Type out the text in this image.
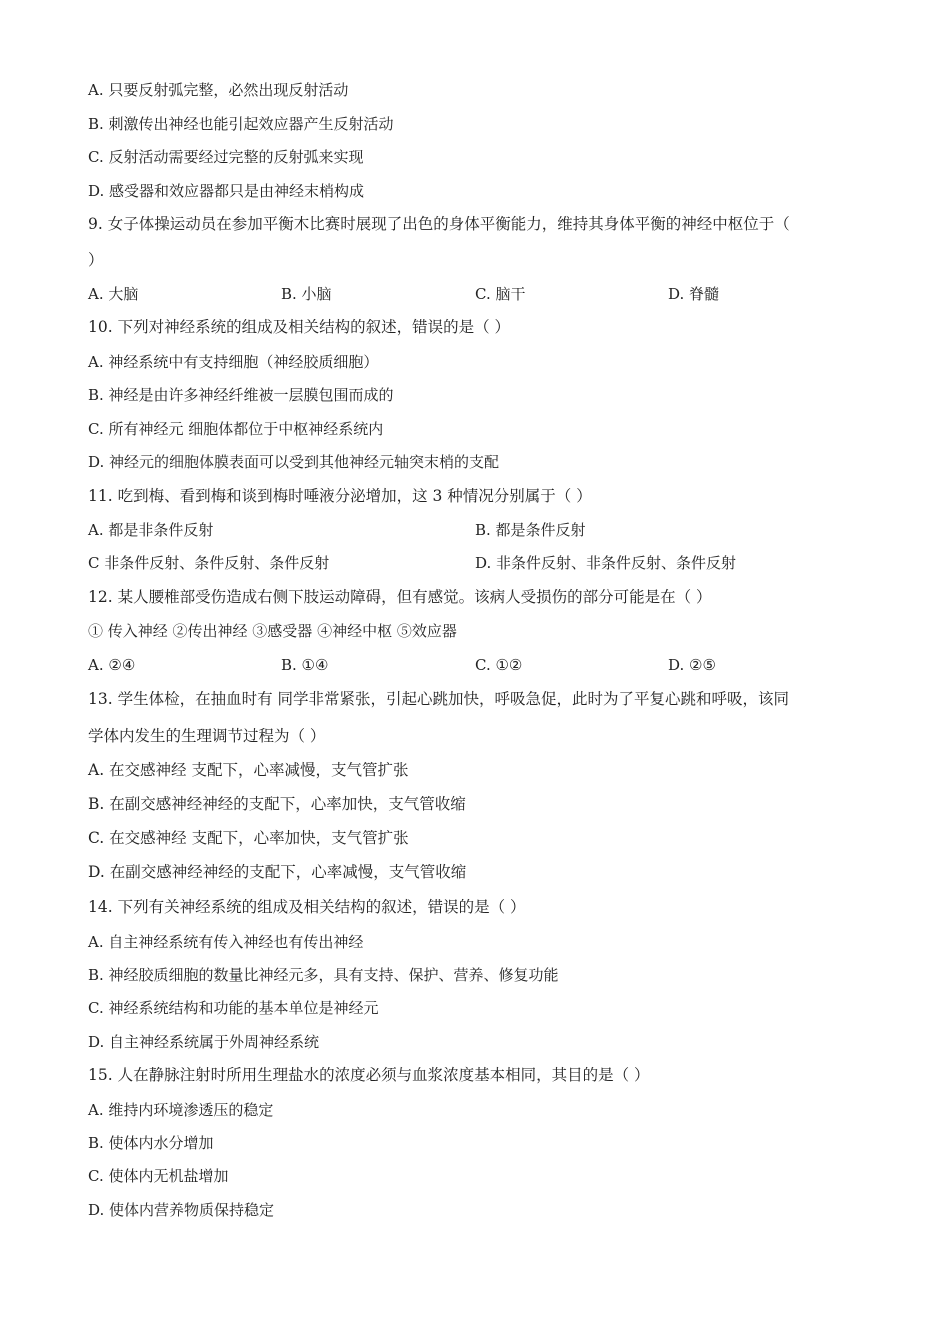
A. 只要反射弧完整，必然出现反射活动
B. 刺激传出神经也能引起效应器产生反射活动
C. 反射活动需要经过完整的反射弧来实现
D. 感受器和效应器都只是由神经末梢构成
9. 女子体操运动员在参加平衡木比赛时展现了出色的身体平衡能力，维持其身体平衡的神经中枢位于（
）
A. 大脑	B. 小脑	C. 脑干	D. 脊髓
10. 下列对神经系统的组成及相关结构的叙述，错误的是（ ）
A. 神经系统中有支持细胞（神经胶质细胞）
B. 神经是由许多神经纤维被一层膜包围而成的
C. 所有神经元 细胞体都位于中枢神经系统内
D. 神经元的细胞体膜表面可以受到其他神经元轴突末梢的支配
11. 吃到梅、看到梅和谈到梅时唾液分泌增加，这 3 种情况分别属于（ ）
A. 都是非条件反射	B. 都是条件反射
C 非条件反射、条件反射、条件反射	D. 非条件反射、非条件反射、条件反射
12. 某人腰椎部受伤造成右侧下肢运动障碍，但有感觉。该病人受损伤的部分可能是在（ ）
① 传入神经 ②传出神经 ③感受器 ④神经中枢 ⑤效应器
A. ②④	B. ①④	C. ①②	D. ②⑤
13. 学生体检，在抽血时有 同学非常紧张，引起心跳加快，呼吸急促，此时为了平复心跳和呼吸，该同
学体内发生的生理调节过程为（ ）
A. 在交感神经 支配下，心率减慢，支气管扩张
B. 在副交感神经神经的支配下，心率加快，支气管收缩
C. 在交感神经 支配下，心率加快，支气管扩张
D. 在副交感神经神经的支配下，心率减慢，支气管收缩
14. 下列有关神经系统的组成及相关结构的叙述，错误的是（ ）
A. 自主神经系统有传入神经也有传出神经
B. 神经胶质细胞的数量比神经元多，具有支持、保护、营养、修复功能
C. 神经系统结构和功能的基本单位是神经元
D. 自主神经系统属于外周神经系统
15. 人在静脉注射时所用生理盐水的浓度必须与血浆浓度基本相同，其目的是（ ）
A. 维持内环境渗透压的稳定
B. 使体内水分增加
C. 使体内无机盐增加
D. 使体内营养物质保持稳定
